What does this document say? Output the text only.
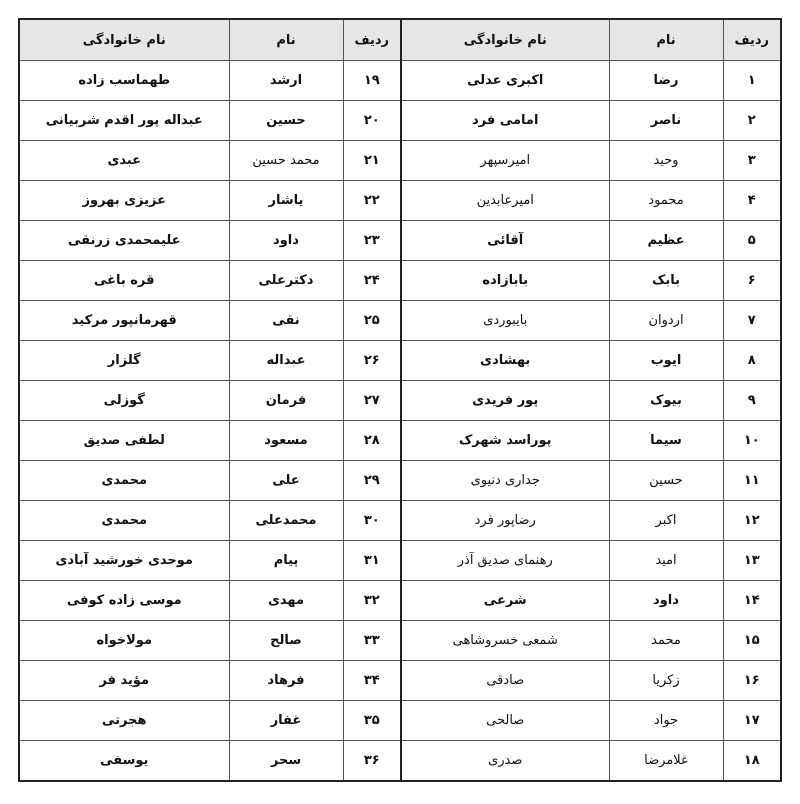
ردیف	نام	نام خانوادگی	ردیف	نام	نام خانوادگی
۱	رضا	اکبری عدلی	۱۹	ارشد	طهماسب زاده
۲	ناصر	امامی فرد	۲۰	حسین	عبداله پور اقدم شربیانی
۳	وحید	امیرسپهر	۲۱	محمد حسین	عبدی
۴	محمود	امیرعابدین	۲۲	یاشار	عزیزی بهروز
۵	عظیم	آقائی	۲۳	داود	علیمحمدی زرنقی
۶	بابک	بابازاده	۲۴	دکترعلی	قره باغی
۷	اردوان	بایبوردی	۲۵	نقی	قهرمانپور مرکید
۸	ایوب	بهشادی	۲۶	عبداله	گلزار
۹	بیوک	پور فریدی	۲۷	فرمان	گوزلی
۱۰	سیما	پوراسد شهرک	۲۸	مسعود	لطفی صدیق
۱۱	حسین	جداری دنیوی	۲۹	علی	محمدی
۱۲	اکبر	رضاپور فرد	۳۰	محمدعلی	محمدی
۱۳	امید	رهنمای صدیق آذر	۳۱	پیام	موحدی خورشید آبادی
۱۴	داود	شرعی	۳۲	مهدی	موسی زاده کوفی
۱۵	محمد	شمعی خسروشاهی	۳۳	صالح	مولاخواه
۱۶	زکریا	صادقی	۳۴	فرهاد	مؤید فر
۱۷	جواد	صالحی	۳۵	غفار	هجرتی
۱۸	غلامرضا	صدری	۳۶	سحر	یوسفی
